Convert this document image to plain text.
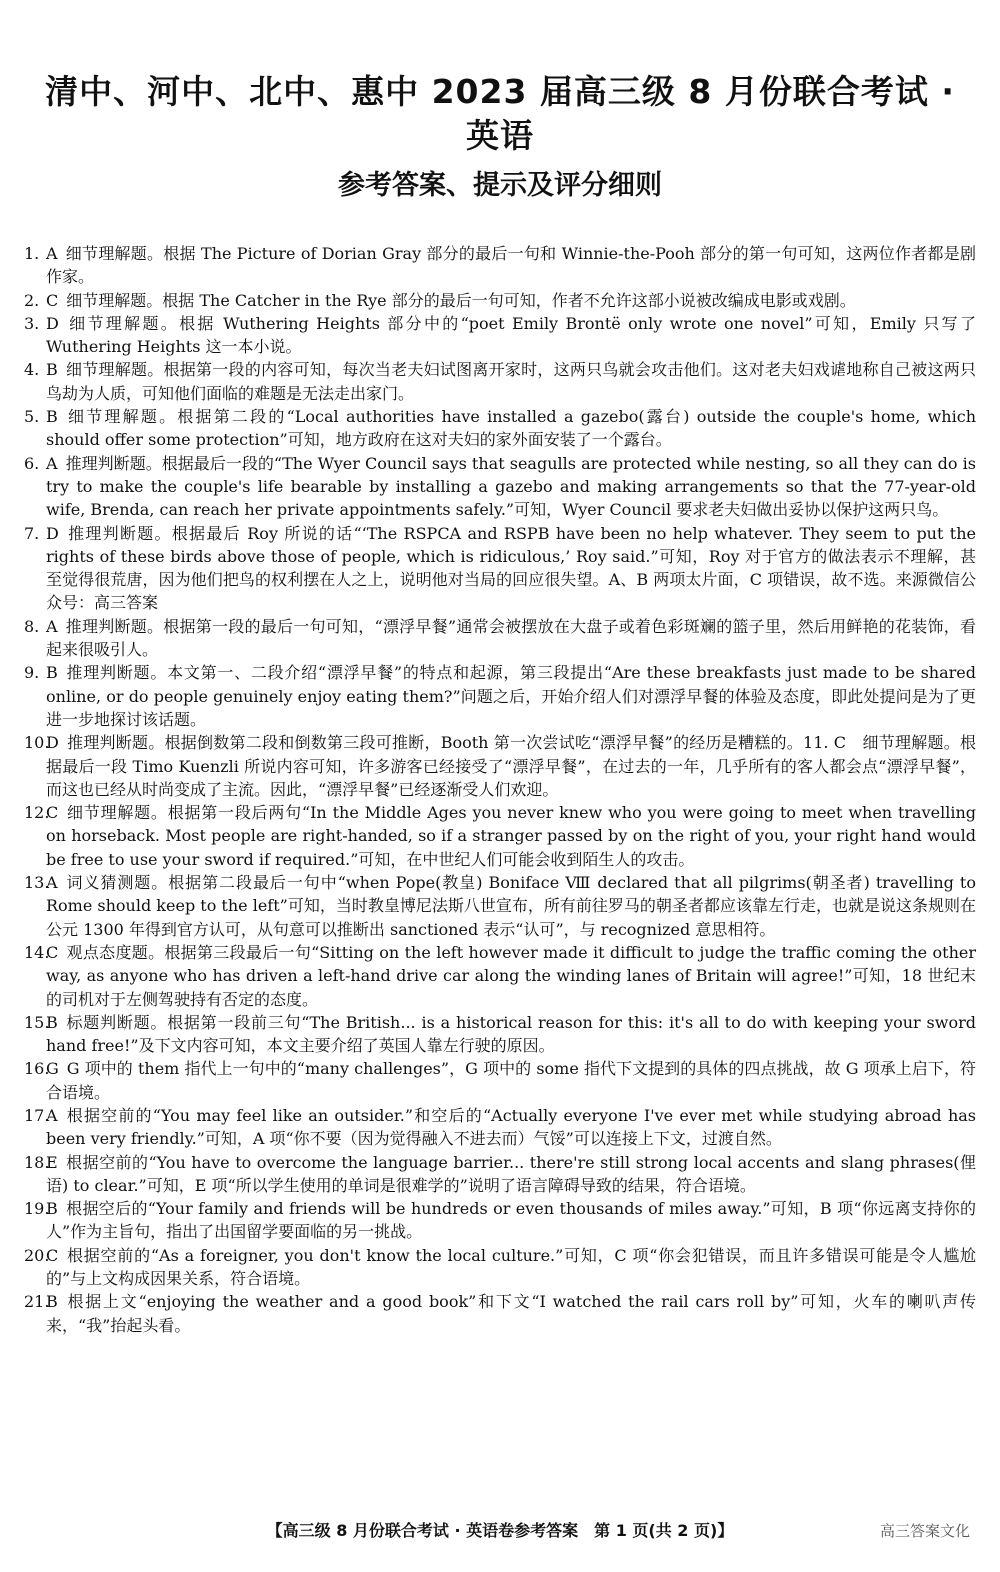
清中、河中、北中、惠中 2023 届高三级 8 月份联合考试 · 英语
参考答案、提示及评分细则
1. A 细节理解题。根据 The Picture of Dorian Gray 部分的最后一句和 Winnie-the-Pooh 部分的第一句可知，这两位作者都是剧作家。
2. C 细节理解题。根据 The Catcher in the Rye 部分的最后一句可知，作者不允许这部小说被改编成电影或戏剧。
3. D 细节理解题。根据 Wuthering Heights 部分中的“poet Emily Brontë only wrote one novel”可知，Emily 只写了 Wuthering Heights 这一本小说。
4. B 细节理解题。根据第一段的内容可知，每次当老夫妇试图离开家时，这两只鸟就会攻击他们。这对老夫妇戏谑地称自己被这两只鸟劫为人质，可知他们面临的难题是无法走出家门。
5. B 细节理解题。根据第二段的“Local authorities have installed a gazebo(露台) outside the couple's home, which should offer some protection”可知，地方政府在这对夫妇的家外面安装了一个露台。
6. A 推理判断题。根据最后一段的“The Wyer Council says that seagulls are protected while nesting, so all they can do is try to make the couple's life bearable by installing a gazebo and making arrangements so that the 77-year-old wife, Brenda, can reach her private appointments safely.”可知，Wyer Council 要求老夫妇做出妥协以保护这两只鸟。
7. D 推理判断题。根据最后 Roy 所说的话“‘The RSPCA and RSPB have been no help whatever. They seem to put the rights of these birds above those of people, which is ridiculous,’ Roy said.”可知，Roy 对于官方的做法表示不理解，甚至觉得很荒唐，因为他们把鸟的权利摆在人之上，说明他对当局的回应很失望。A、B 两项太片面，C 项错误，故不选。来源微信公众号：高三答案
8. A 推理判断题。根据第一段的最后一句可知，“漂浮早餐”通常会被摆放在大盘子或着色彩斑斓的篮子里，然后用鲜艳的花装饰，看起来很吸引人。
9. B 推理判断题。本文第一、二段介绍“漂浮早餐”的特点和起源，第三段提出“Are these breakfasts just made to be shared online, or do people genuinely enjoy eating them?”问题之后，开始介绍人们对漂浮早餐的体验及态度，即此处提问是为了更进一步地探讨该话题。
10.
D 推理判断题。根据倒数第二段和倒数第三段可推断，Booth 第一次尝试吃“漂浮早餐”的经历是糟糕的。11. C　细节理解题。根据最后一段 Timo Kuenzli 所说内容可知，许多游客已经接受了“漂浮早餐”，在过去的一年，几乎所有的客人都会点“漂浮早餐”，而这也已经从时尚变成了主流。因此，“漂浮早餐”已经逐渐受人们欢迎。
12.
C 细节理解题。根据第一段后两句“In the Middle Ages you never knew who you were going to meet when travelling on horseback. Most people are right-handed, so if a stranger passed by on the right of you, your right hand would be free to use your sword if required.”可知，在中世纪人们可能会收到陌生人的攻击。
13.
A 词义猜测题。根据第二段最后一句中“when Pope(教皇) Boniface Ⅷ declared that all pilgrims(朝圣者) travelling to Rome should keep to the left”可知，当时教皇博尼法斯八世宣布，所有前往罗马的朝圣者都应该靠左行走，也就是说这条规则在公元 1300 年得到官方认可，从句意可以推断出 sanctioned 表示“认可”，与 recognized 意思相符。
14.
C 观点态度题。根据第三段最后一句“Sitting on the left however made it difficult to judge the traffic coming the other way, as anyone who has driven a left-hand drive car along the winding lanes of Britain will agree!”可知，18 世纪末的司机对于左侧驾驶持有否定的态度。
15.
B 标题判断题。根据第一段前三句“The British... is a historical reason for this: it's all to do with keeping your sword hand free!”及下文内容可知，本文主要介绍了英国人靠左行驶的原因。
16.
G G 项中的 them 指代上一句中的“many challenges”，G 项中的 some 指代下文提到的具体的四点挑战，故 G 项承上启下，符合语境。
17.
A 根据空前的“You may feel like an outsider.”和空后的“Actually everyone I've ever met while studying abroad has been very friendly.”可知，A 项“你不要（因为觉得融入不进去而）气馁”可以连接上下文，过渡自然。
18.
E 根据空前的“You have to overcome the language barrier... there're still strong local accents and slang phrases(俚语) to clear.”可知，E 项“所以学生使用的单词是很难学的”说明了语言障碍导致的结果，符合语境。
19.
B 根据空后的“Your family and friends will be hundreds or even thousands of miles away.”可知，B 项“你远离支持你的人”作为主旨句，指出了出国留学要面临的另一挑战。
20.
C 根据空前的“As a foreigner, you don't know the local culture.”可知，C 项“你会犯错误，而且许多错误可能是令人尴尬的”与上文构成因果关系，符合语境。
21.
B 根据上文“enjoying the weather and a good book”和下文“I watched the rail cars roll by”可知，火车的喇叭声传来，“我”抬起头看。
【高三级 8 月份联合考试 · 英语卷参考答案　第 1 页(共 2 页)】	高三答案文化
